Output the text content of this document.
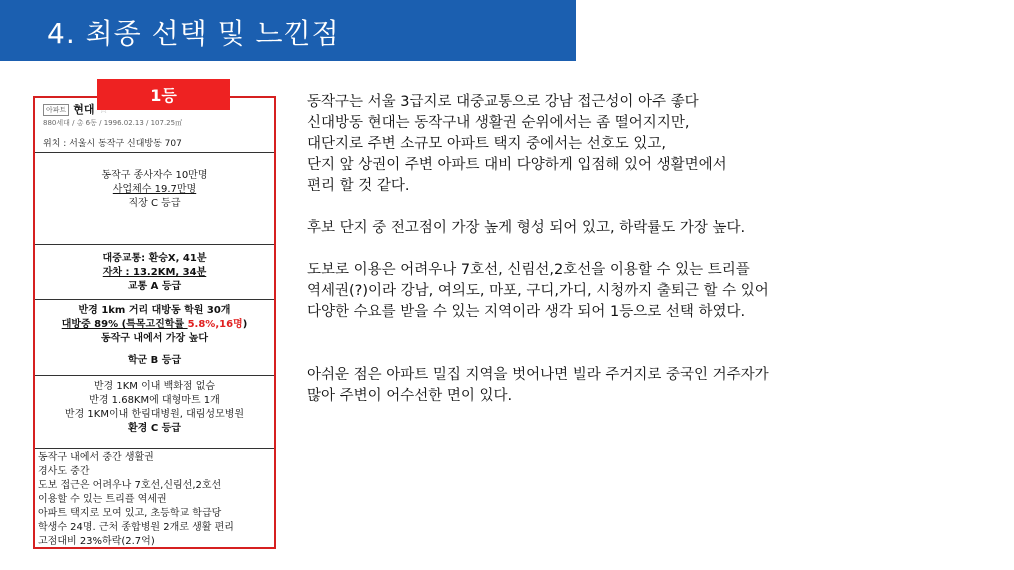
4. 최종 선택 및 느낀점
아파트 현대
880세대 / 총 6동 / 1996.02.13 / 107.25㎡
위치 : 서울시 동작구 신대방동 707
동작구 종사자수 10만명
사업체수 19.7만명
직장 C 등급
대중교통: 환승X, 41분
자차 : 13.2KM, 34분
교통 A 등급
반경 1km 거리 대방동 학원 30개
대방중 89% (특목고진학률 5.8%,16명)
동작구 내에서 가장 높다
학군 B 등급
반경 1KM 이내 백화점 없슴
반경 1.68KM에 대형마트 1개
반경 1KM이내 한림대병원, 대림성모병원
환경 C 등급
동작구 내에서 중간 생활권
경사도 중간
도보 접근은 어려우나 7호선,신림선,2호선
이용할 수 있는 트리플 역세권
아파트 택지로 모여 있고, 초등학교 학급당
학생수 24명. 근처 종합병원 2개로 생활 편리
고점대비 23%하락(2.7억)
1등	동작구는 서울 3급지로 대중교통으로 강남 접근성이 아주 좋다

신대방동 현대는 동작구내 생활권 순위에서는 좀 떨어지지만,

대단지로 주변 소규모 아파트 택지 중에서는 선호도 있고,

단지 앞 상권이 주변 아파트 대비 다양하게 입점해 있어 생활면에서

편리 할 것 같다.

후보 단지 중 전고점이 가장 높게 형성 되어 있고, 하락률도 가장 높다.

도보로 이용은 어려우나 7호선, 신림선,2호선을 이용할 수 있는 트리플

역세권(?)이라 강남, 여의도, 마포, 구디,가디, 시청까지 출퇴근 할 수 있어

다양한 수요를 받을 수 있는 지역이라 생각 되어 1등으로 선택 하였다.

아쉬운 점은 아파트 밀집 지역을 벗어나면 빌라 주거지로 중국인 거주자가

많아 주변이 어수선한 면이 있다.
